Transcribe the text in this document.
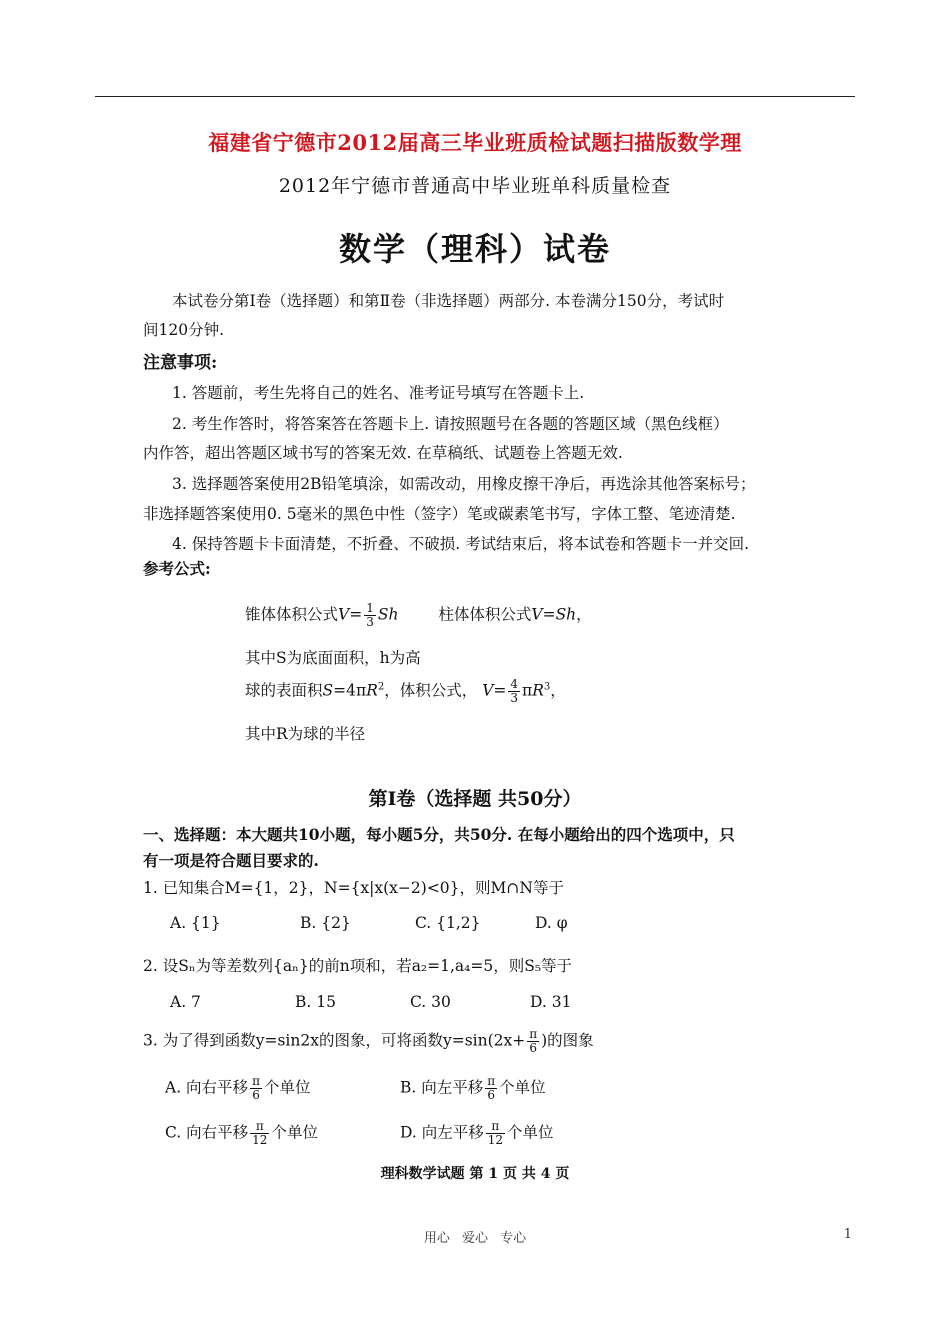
福建省宁德市2012届高三毕业班质检试题扫描版数学理
2012年宁德市普通高中毕业班单科质量检查
数学（理科）试卷
本试卷分第Ⅰ卷（选择题）和第Ⅱ卷（非选择题）两部分. 本卷满分150分，考试时
间120分钟.
注意事项:
1. 答题前，考生先将自己的姓名、准考证号填写在答题卡上.
2. 考生作答时，将答案答在答题卡上. 请按照题号在各题的答题区域（黑色线框）
内作答，超出答题区域书写的答案无效. 在草稿纸、试题卷上答题无效.
3. 选择题答案使用2B铅笔填涂，如需改动，用橡皮擦干净后，再选涂其他答案标号；
非选择题答案使用0. 5毫米的黑色中性（签字）笔或碳素笔书写，字体工整、笔迹清楚.
4. 保持答题卡卡面清楚，不折叠、不破损. 考试结束后，将本试卷和答题卡一并交回.
参考公式:
锥体体积公式$V= \frac{1}{3}$ Sh	柱体体积公式V=Sh，
其中S为底面面积，h为高
球的表面积$S=4\pi R^2$，体积公式， $V= \frac{4}{3} \pi R^3$，
其中R为球的半径
第Ⅰ卷（选择题 共50分）
一、选择题：本大题共10小题，每小题5分，共50分. 在每小题给出的四个选项中，只
有一项是符合题目要求的.
1. 已知集合M={1，2}，N={x|x(x−2)<0}，则M∩N等于
A. {1}	B. {2}	C. {1,2}	D. φ
2. 设Sₙ为等差数列{aₙ}的前n项和，若a₂=1,a₄=5，则S₅等于
A. 7	B. 15	C. 30	D. 31
3. 为了得到函数y=sin2x的图象，可将函数$y=\sin(2x+ \frac{\pi}{6}$ )的图象
A. 向右平移 $\frac{\pi}{6}$ 个单位	B. 向左平移 $\frac{\pi}{6}$ 个单位
C. 向右平移 $\frac{\pi}{12}$ 个单位	D. 向左平移 $\frac{\pi}{12}$ 个单位
理科数学试题 第 1 页 共 4 页
用心 爱心 专心	1
